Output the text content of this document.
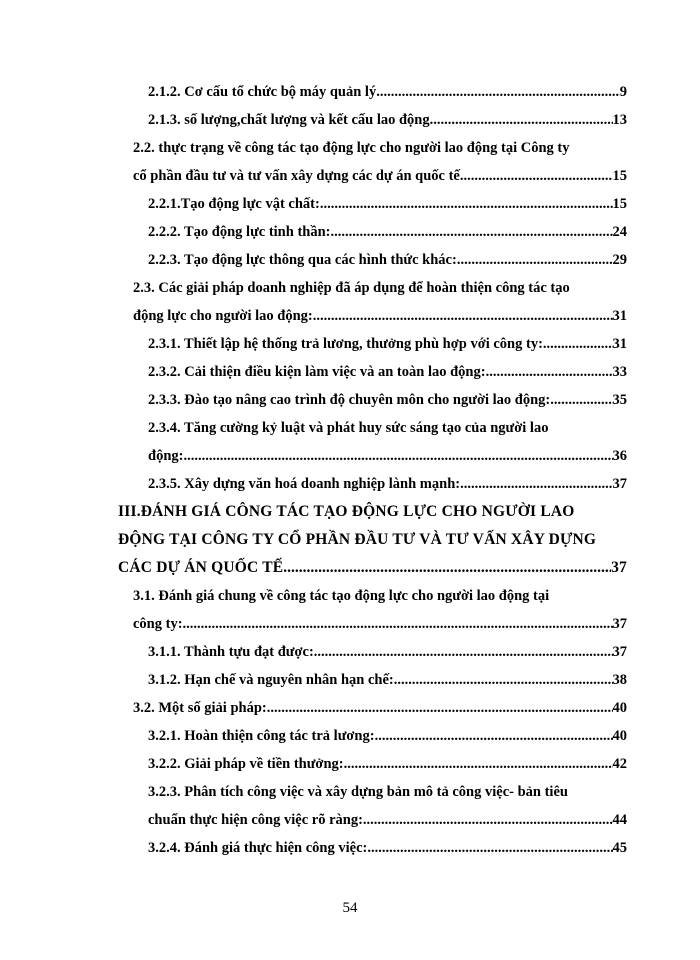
2.1.2. Cơ cấu tổ chức bộ máy quản lý .....	9
2.1.3. số lượng,chất lượng và kết cấu lao động .....	13
2.2. thực trạng về công tác tạo động lực cho người lao động tại Công ty
cổ phần đầu tư và tư vấn xây dựng các dự án quốc tế .....	15
2.2.1.Tạo động lực vật chất: .....	15
2.2.2. Tạo động lực tinh thần: .....	24
2.2.3. Tạo động lực thông qua các hình thức khác: .....	29
2.3. Các giải pháp doanh nghiệp đã áp dụng để hoàn thiện công tác tạo
động lực cho người lao động: .....	31
2.3.1. Thiết lập hệ thống trả lương, thưởng phù hợp với công ty: .....	31
2.3.2. Cải thiện điều kiện làm việc và an toàn lao động: .....	33
2.3.3. Đào tạo nâng cao trình độ chuyên môn cho người lao động: .....	35
2.3.4. Tăng cường kỷ luật và phát huy sức sáng tạo của người lao
động: .....	36
2.3.5. Xây dựng văn hoá doanh nghiệp lành mạnh: .....	37
III.ĐÁNH GIÁ CÔNG TÁC TẠO ĐỘNG LỰC CHO NGƯỜI LAO
ĐỘNG TẠI CÔNG TY CỔ PHẦN ĐẦU TƯ VÀ TƯ VẤN XÂY DỰNG
CÁC DỰ ÁN QUỐC TẾ .....	37
3.1. Đánh giá chung về công tác tạo động lực cho người lao động tại
công ty: .....	37
3.1.1. Thành tựu đạt được: .....	37
3.1.2. Hạn chế và nguyên nhân hạn chế: .....	38
3.2. Một số giải pháp: .....	40
3.2.1. Hoàn thiện công tác trả lương: .....	40
3.2.2. Giải pháp về tiền thưởng: .....	42
3.2.3. Phân tích công việc và xây dựng bản mô tả công việc- bản tiêu
chuẩn thực hiện công việc rõ ràng: .....	44
3.2.4. Đánh giá thực hiện công việc: .....	45
54
